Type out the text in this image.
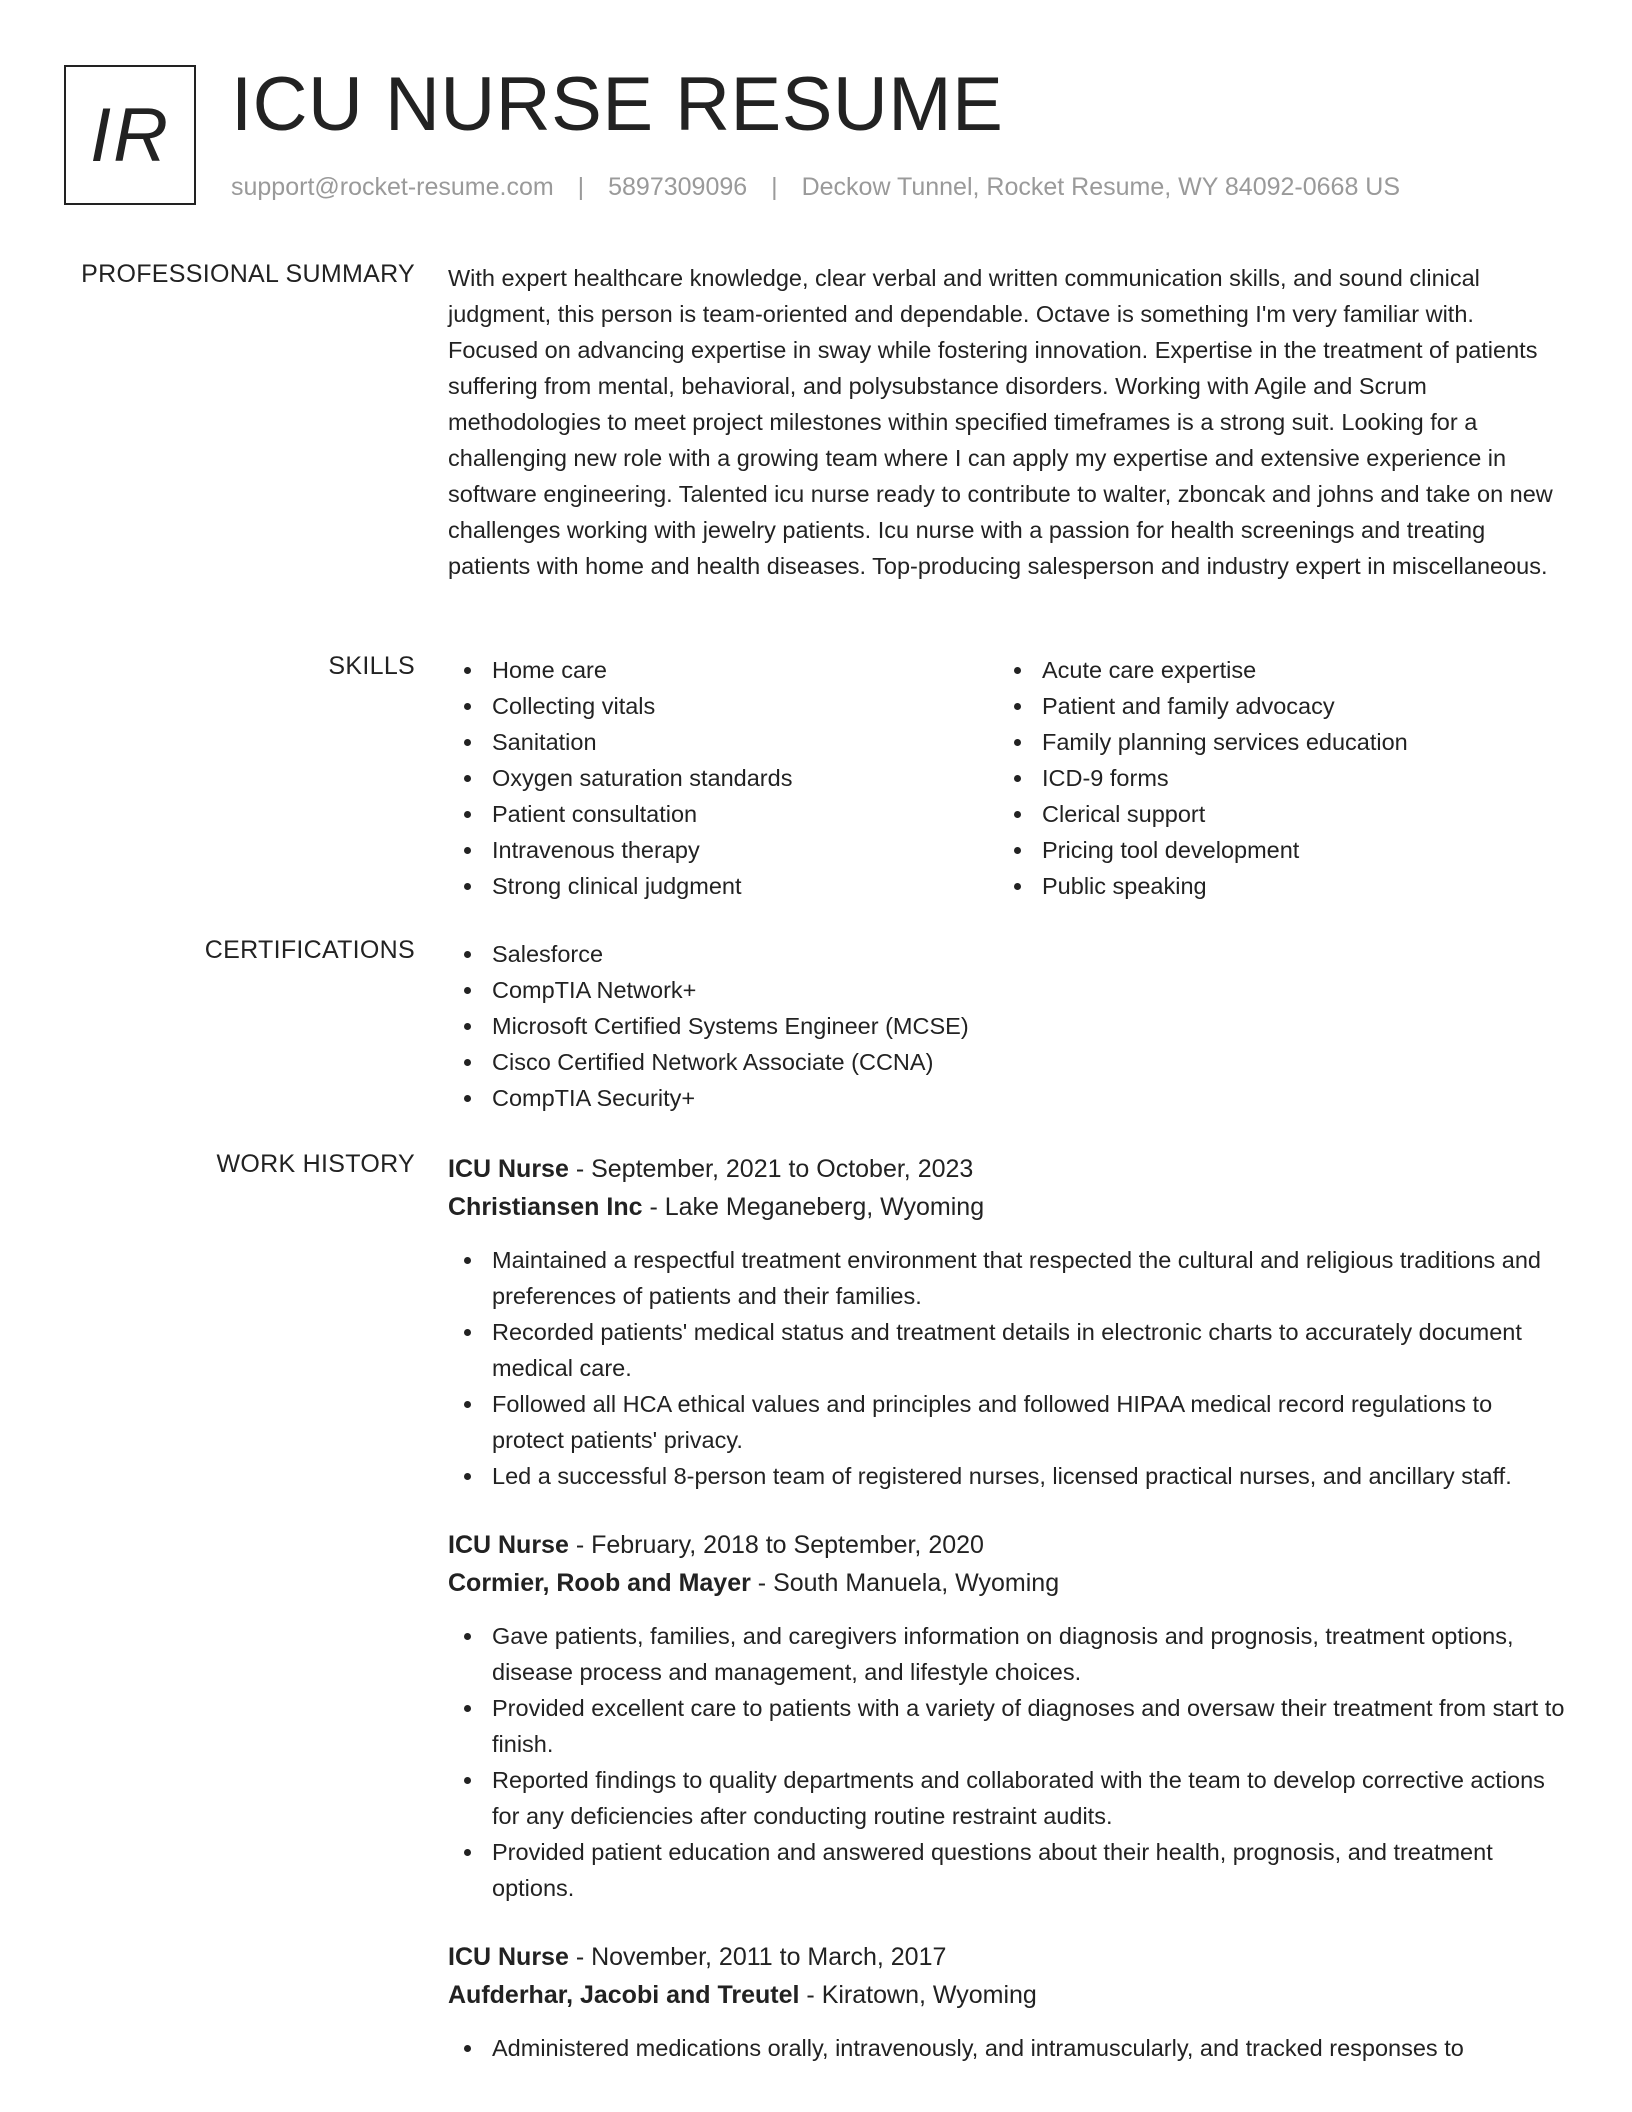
IR ICU NURSE RESUME
support@rocket-resume.com | 5897309096 | Deckow Tunnel, Rocket Resume, WY 84092-0668 US
PROFESSIONAL SUMMARY With expert healthcare knowledge, clear verbal and written communication skills, and sound clinical judgment, this person is team-oriented and dependable. Octave is something I'm very familiar with. Focused on advancing expertise in sway while fostering innovation. Expertise in the treatment of patients suffering from mental, behavioral, and polysubstance disorders. Working with Agile and Scrum methodologies to meet project milestones within specified timeframes is a strong suit. Looking for a challenging new role with a growing team where I can apply my expertise and extensive experience in software engineering. Talented icu nurse ready to contribute to walter, zboncak and johns and take on new challenges working with jewelry patients. Icu nurse with a passion for health screenings and treating patients with home and health diseases. Top-producing salesperson and industry expert in miscellaneous.

SKILLS	Home care
Collecting vitals
Sanitation
Oxygen saturation standards
Patient consultation
Intravenous therapy
Strong clinical judgment
Acute care expertise
Patient and family advocacy
Family planning services education
ICD-9 forms
Clerical support
Pricing tool development
Public speaking
CERTIFICATIONS	Salesforce
CompTIA Network+
Microsoft Certified Systems Engineer (MCSE)
Cisco Certified Network Associate (CCNA)
CompTIA Security+
WORK HISTORY ICU Nurse - September, 2021 to October, 2023
Christiansen Inc - Lake Meganeberg, Wyoming
Maintained a respectful treatment environment that respected the cultural and religious traditions and preferences of patients and their families.
Recorded patients' medical status and treatment details in electronic charts to accurately document medical care.
Followed all HCA ethical values and principles and followed HIPAA medical record regulations to protect patients' privacy.
Led a successful 8-person team of registered nurses, licensed practical nurses, and ancillary staff.
ICU Nurse - February, 2018 to September, 2020
Cormier, Roob and Mayer - South Manuela, Wyoming
Gave patients, families, and caregivers information on diagnosis and prognosis, treatment options, disease process and management, and lifestyle choices.
Provided excellent care to patients with a variety of diagnoses and oversaw their treatment from start to finish.
Reported findings to quality departments and collaborated with the team to develop corrective actions for any deficiencies after conducting routine restraint audits.
Provided patient education and answered questions about their health, prognosis, and treatment options.
ICU Nurse - November, 2011 to March, 2017
Aufderhar, Jacobi and Treutel - Kiratown, Wyoming
Administered medications orally, intravenously, and intramuscularly, and tracked responses to
